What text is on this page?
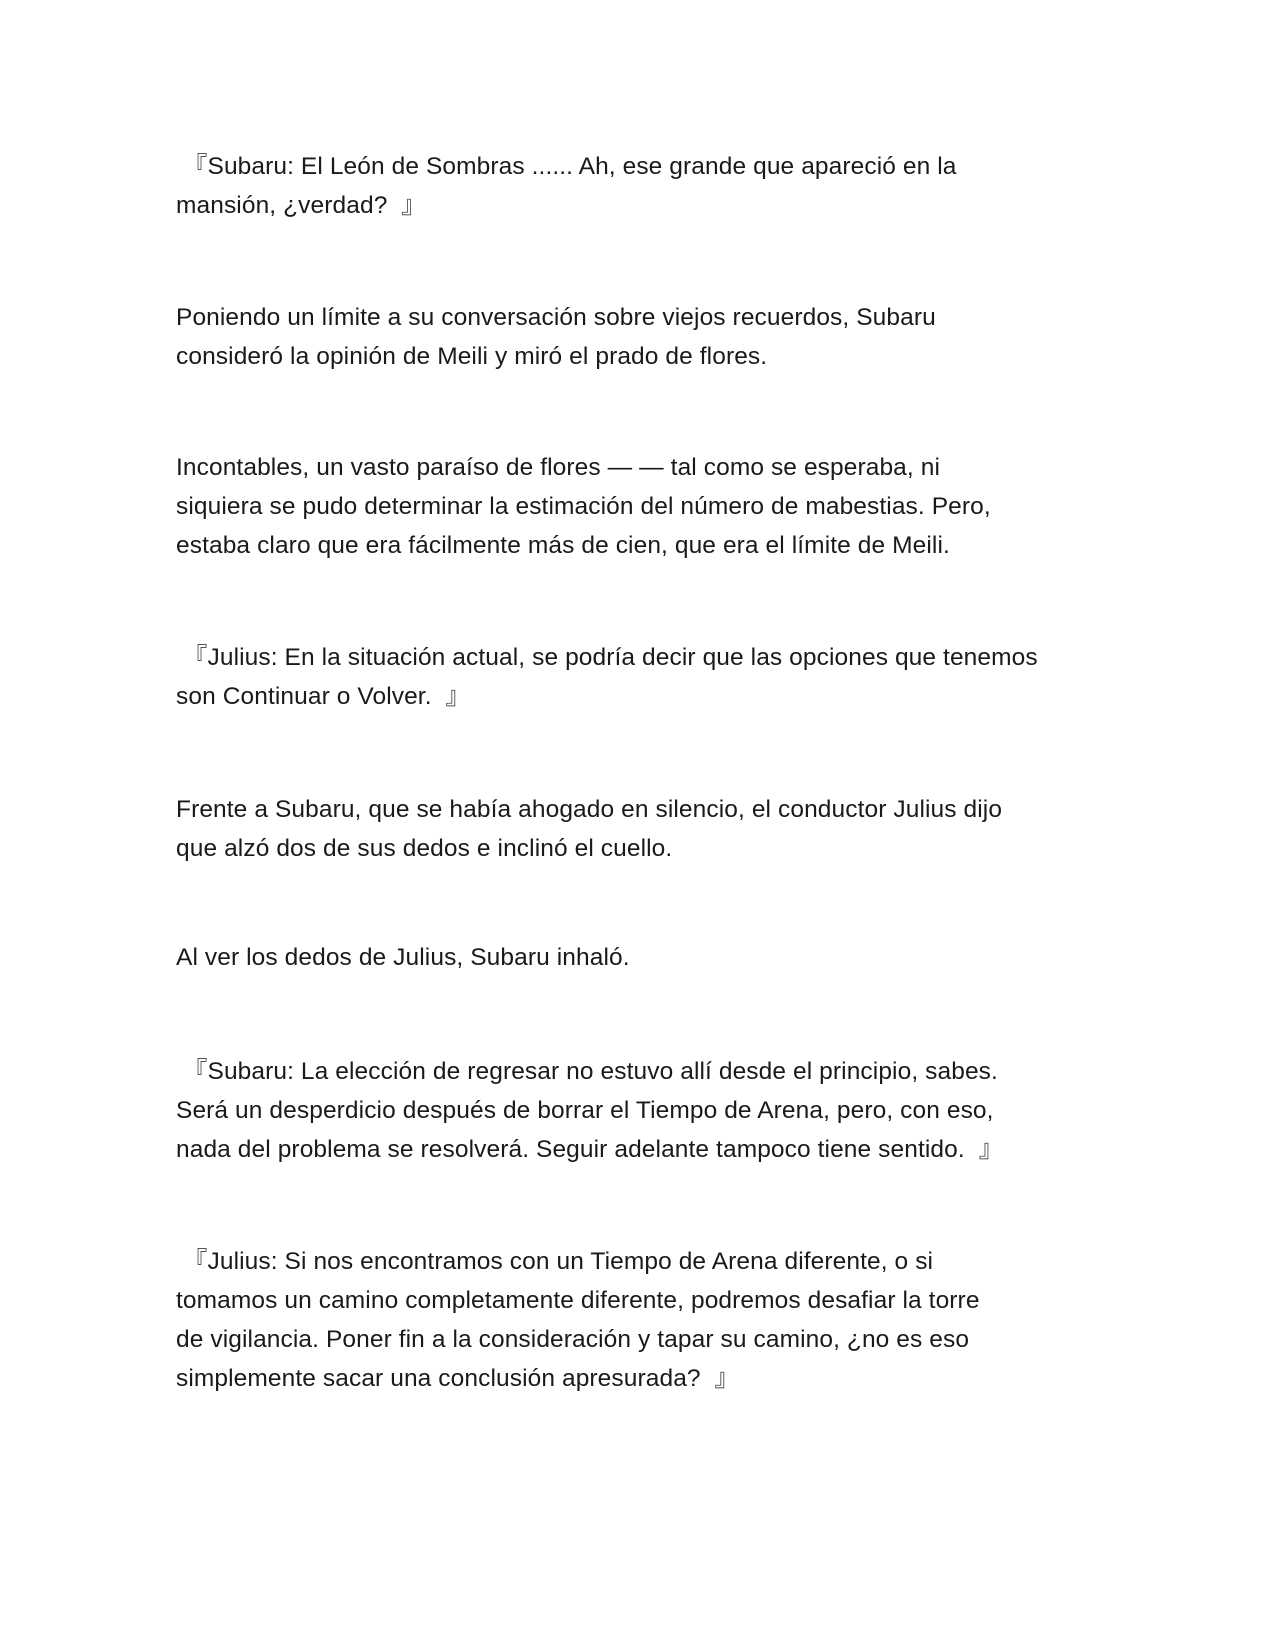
『Subaru: El León de Sombras ...... Ah, ese grande que apareció en la
mansión, ¿verdad?  』

Poniendo un límite a su conversación sobre viejos recuerdos, Subaru
consideró la opinión de Meili y miró el prado de flores.

Incontables, un vasto paraíso de flores — — tal como se esperaba, ni
siquiera se pudo determinar la estimación del número de mabestias. Pero,
estaba claro que era fácilmente más de cien, que era el límite de Meili.

『Julius: En la situación actual, se podría decir que las opciones que tenemos
son Continuar o Volver.  』

Frente a Subaru, que se había ahogado en silencio, el conductor Julius dijo
que alzó dos de sus dedos e inclinó el cuello.

Al ver los dedos de Julius, Subaru inhaló.

『Subaru: La elección de regresar no estuvo allí desde el principio, sabes.
Será un desperdicio después de borrar el Tiempo de Arena, pero, con eso,
nada del problema se resolverá. Seguir adelante tampoco tiene sentido.  』

『Julius: Si nos encontramos con un Tiempo de Arena diferente, o si
tomamos un camino completamente diferente, podremos desafiar la torre
de vigilancia. Poner fin a la consideración y tapar su camino, ¿no es eso
simplemente sacar una conclusión apresurada?  』
